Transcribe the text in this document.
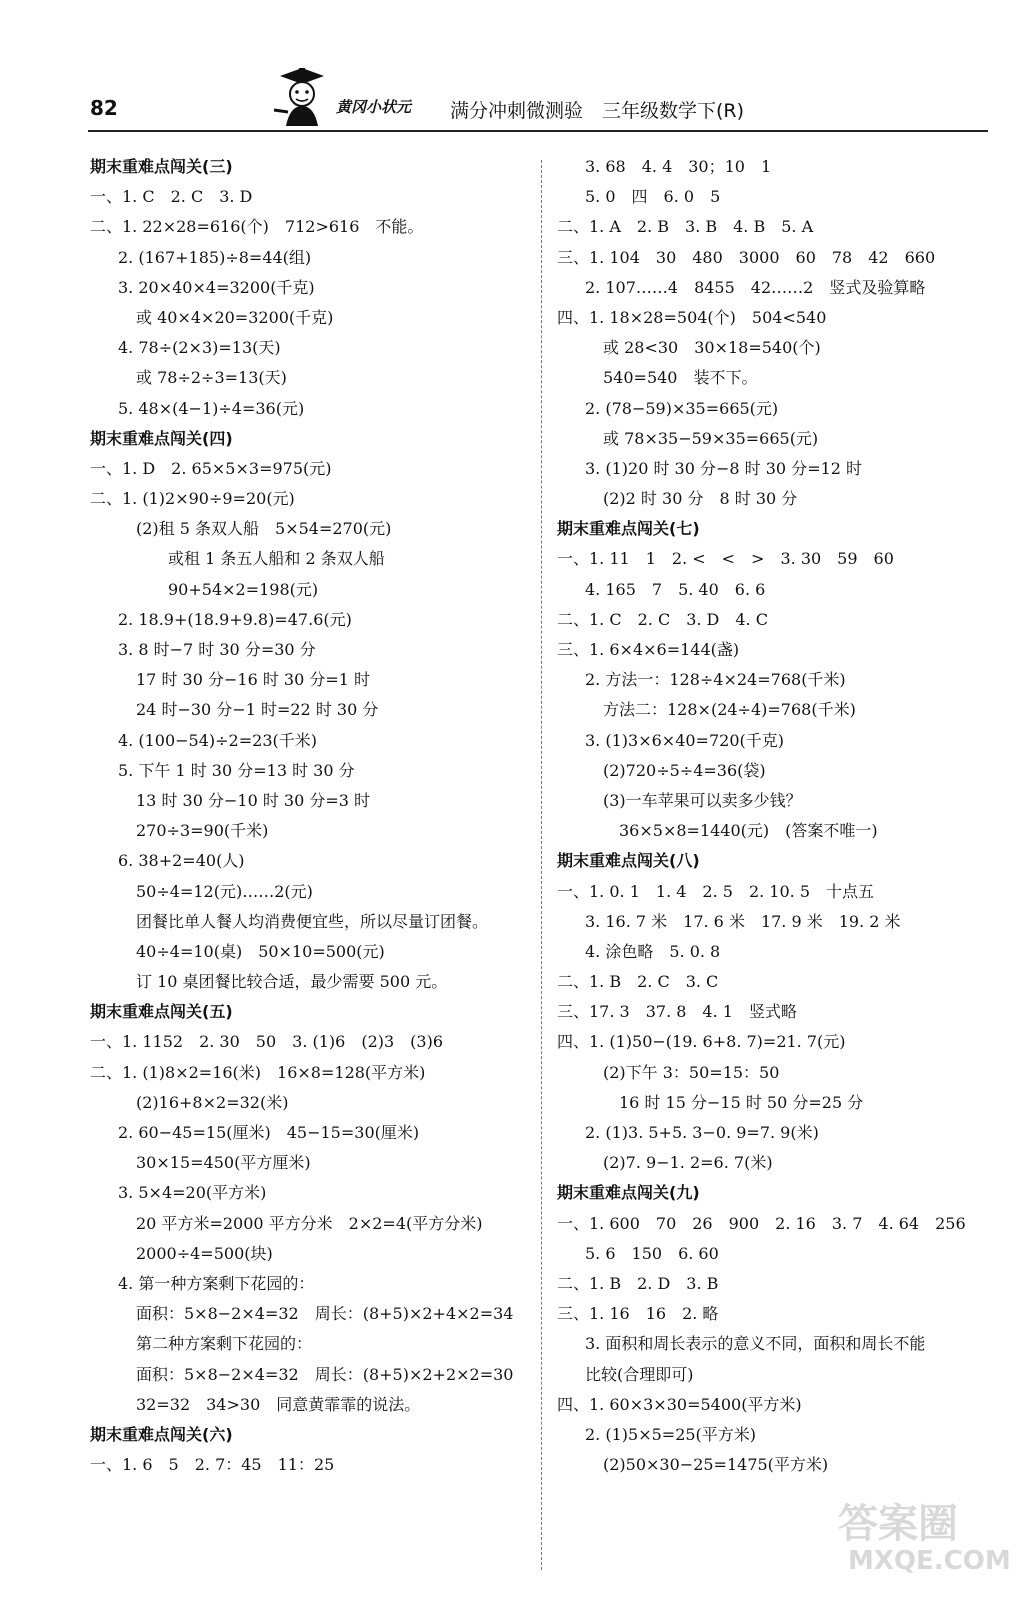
82	黄冈小状元 满分冲刺微测验　三年级数学下(R)
期末重难点闯关(三)
一、1. C　2. C　3. D
二、1. 22×28=616(个)　712>616　不能。
2. (167+185)÷8=44(组)
3. 20×40×4=3200(千克)
或 40×4×20=3200(千克)
4. 78÷(2×3)=13(天)
或 78÷2÷3=13(天)
5. 48×(4−1)÷4=36(元)
期末重难点闯关(四)
一、1. D　2. 65×5×3=975(元)
二、1. (1)2×90÷9=20(元)
(2)租 5 条双人船　5×54=270(元)
或租 1 条五人船和 2 条双人船
90+54×2=198(元)
2. 18.9+(18.9+9.8)=47.6(元)
3. 8 时−7 时 30 分=30 分
17 时 30 分−16 时 30 分=1 时
24 时−30 分−1 时=22 时 30 分
4. (100−54)÷2=23(千米)
5. 下午 1 时 30 分=13 时 30 分
13 时 30 分−10 时 30 分=3 时
270÷3=90(千米)
6. 38+2=40(人)
50÷4=12(元)……2(元)
团餐比单人餐人均消费便宜些，所以尽量订团餐。
40÷4=10(桌)　50×10=500(元)
订 10 桌团餐比较合适，最少需要 500 元。
期末重难点闯关(五)
一、1. 1152　2. 30　50　3. (1)6　(2)3　(3)6
二、1. (1)8×2=16(米)　16×8=128(平方米)
(2)16+8×2=32(米)
2. 60−45=15(厘米)　45−15=30(厘米)
30×15=450(平方厘米)
3. 5×4=20(平方米)
20 平方米=2000 平方分米　2×2=4(平方分米)
2000÷4=500(块)
4. 第一种方案剩下花园的：
面积：5×8−2×4=32　周长：(8+5)×2+4×2=34
第二种方案剩下花园的：
面积：5×8−2×4=32　周长：(8+5)×2+2×2=30
32=32　34>30　同意黄霏霏的说法。
期末重难点闯关(六)
一、1. 6　5　2. 7：45　11：25
3. 68　4. 4　30；10　1
5. 0　四　6. 0　5
二、1. A　2. B　3. B　4. B　5. A
三、1. 104　30　480　3000　60　78　42　660
2. 107……4　8455　42……2　竖式及验算略
四、1. 18×28=504(个)　504<540
或 28<30　30×18=540(个)
540=540　装不下。
2. (78−59)×35=665(元)
或 78×35−59×35=665(元)
3. (1)20 时 30 分−8 时 30 分=12 时
(2)2 时 30 分　8 时 30 分
期末重难点闯关(七)
一、1. 11　1　2. <　<　>　3. 30　59　60
4. 165　7　5. 40　6. 6
二、1. C　2. C　3. D　4. C
三、1. 6×4×6=144(盏)
2. 方法一：128÷4×24=768(千米)
方法二：128×(24÷4)=768(千米)
3. (1)3×6×40=720(千克)
(2)720÷5÷4=36(袋)
(3)一车苹果可以卖多少钱？
36×5×8=1440(元)　(答案不唯一)
期末重难点闯关(八)
一、1. 0. 1　1. 4　2. 5　2. 10. 5　十点五
3. 16. 7 米　17. 6 米　17. 9 米　19. 2 米
4. 涂色略　5. 0. 8
二、1. B　2. C　3. C
三、17. 3　37. 8　4. 1　竖式略
四、1. (1)50−(19. 6+8. 7)=21. 7(元)
(2)下午 3：50=15：50
16 时 15 分−15 时 50 分=25 分
2. (1)3. 5+5. 3−0. 9=7. 9(米)
(2)7. 9−1. 2=6. 7(米)
期末重难点闯关(九)
一、1. 600　70　26　900　2. 16　3. 7　4. 64　256
5. 6　150　6. 60
二、1. B　2. D　3. B
三、1. 16　16　2. 略
3. 面积和周长表示的意义不同，面积和周长不能
比较(合理即可)
四、1. 60×3×30=5400(平方米)
2. (1)5×5=25(平方米)
(2)50×30−25=1475(平方米)
答案圈
MXQE.COM
